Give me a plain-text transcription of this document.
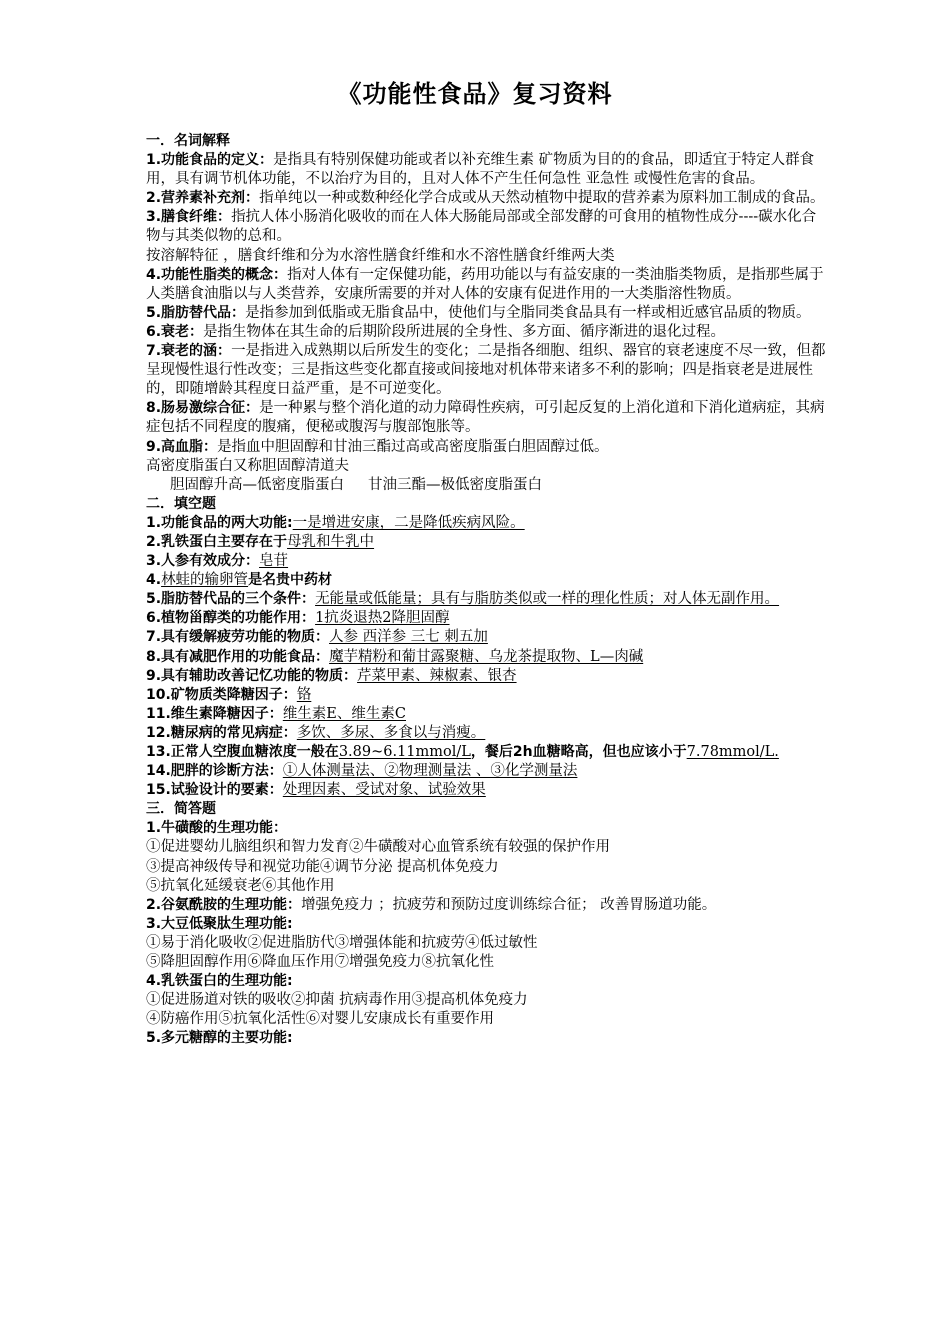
《功能性食品》复习资料
一．名词解释
1.功能食品的定义：是指具有特别保健功能或者以补充维生素 矿物质为目的的食品，即适宜于特定人群食用，具有调节机体功能，不以治疗为目的，且对人体不产生任何急性 亚急性 或慢性危害的食品。
2.营养素补充剂：指单纯以一种或数种经化学合成或从天然动植物中提取的营养素为原料加工制成的食品。
3.膳食纤维：指抗人体小肠消化吸收的而在人体大肠能局部或全部发酵的可食用的植物性成分----碳水化合物与其类似物的总和。
按溶解特征 ，膳食纤维和分为水溶性膳食纤维和水不溶性膳食纤维两大类
4.功能性脂类的概念：指对人体有一定保健功能，药用功能以与有益安康的一类油脂类物质，是指那些属于人类膳食油脂以与人类营养，安康所需要的并对人体的安康有促进作用的一大类脂溶性物质。
5.脂肪替代品：是指参加到低脂或无脂食品中，使他们与全脂同类食品具有一样或相近感官品质的物质。
6.衰老：是指生物体在其生命的后期阶段所进展的全身性、多方面、循序渐进的退化过程。
7.衰老的涵：一是指进入成熟期以后所发生的变化；二是指各细胞、组织、器官的衰老速度不尽一致，但都呈现慢性退行性改变；三是指这些变化都直接或间接地对机体带来诸多不利的影响；四是指衰老是进展性的，即随增龄其程度日益严重，是不可逆变化。
8.肠易激综合征：是一种累与整个消化道的动力障碍性疾病，可引起反复的上消化道和下消化道病症，其病症包括不同程度的腹痛，便秘或腹泻与腹部饱胀等。
9.高血脂：是指血中胆固醇和甘油三酯过高或高密度脂蛋白胆固醇过低。
高密度脂蛋白又称胆固醇清道夫
胆固醇升高—低密度脂蛋白 甘油三酯—极低密度脂蛋白
二．填空题
1.功能食品的两大功能:一是增进安康，二是降低疾病风险。
2.乳铁蛋白主要存在于母乳和牛乳中
3.人参有效成分：皂苷
4.林蛙的输卵管是名贵中药材
5.脂肪替代品的三个条件：无能量或低能量；具有与脂肪类似或一样的理化性质；对人体无副作用。
6.植物甾醇类的功能作用：1抗炎退热2降胆固醇
7.具有缓解疲劳功能的物质：人参 西洋参 三七 刺五加
8.具有减肥作用的功能食品：魔芋精粉和葡甘露聚糖、乌龙茶提取物、L—肉碱
9.具有辅助改善记忆功能的物质：芹菜甲素、辣椒素、银杏
10.矿物质类降糖因子：铬
11.维生素降糖因子：维生素E、维生素C
12.糖尿病的常见病症：多饮、多尿、多食以与消瘦。
13.正常人空腹血糖浓度一般在3.89~6.11mmol/L，餐后2h血糖略高，但也应该小于7.78mmol/L.
14.肥胖的诊断方法：①人体测量法、②物理测量法 、③化学测量法
15.试验设计的要素：处理因素、受试对象、试验效果
三．简答题
1.牛磺酸的生理功能：
①促进婴幼儿脑组织和智力发育②牛磺酸对心血管系统有较强的保护作用
③提高神级传导和视觉功能④调节分泌 提高机体免疫力
⑤抗氧化延缓衰老⑥其他作用
2.谷氨酰胺的生理功能：增强免疫力 ；抗疲劳和预防过度训练综合征； 改善胃肠道功能。
3.大豆低聚肽生理功能:
①易于消化吸收②促进脂肪代③增强体能和抗疲劳④低过敏性
⑤降胆固醇作用⑥降血压作用⑦增强免疫力⑧抗氧化性
4.乳铁蛋白的生理功能:
①促进肠道对铁的吸收②抑菌 抗病毒作用③提高机体免疫力
④防癌作用⑤抗氧化活性⑥对婴儿安康成长有重要作用
5.多元糖醇的主要功能:
